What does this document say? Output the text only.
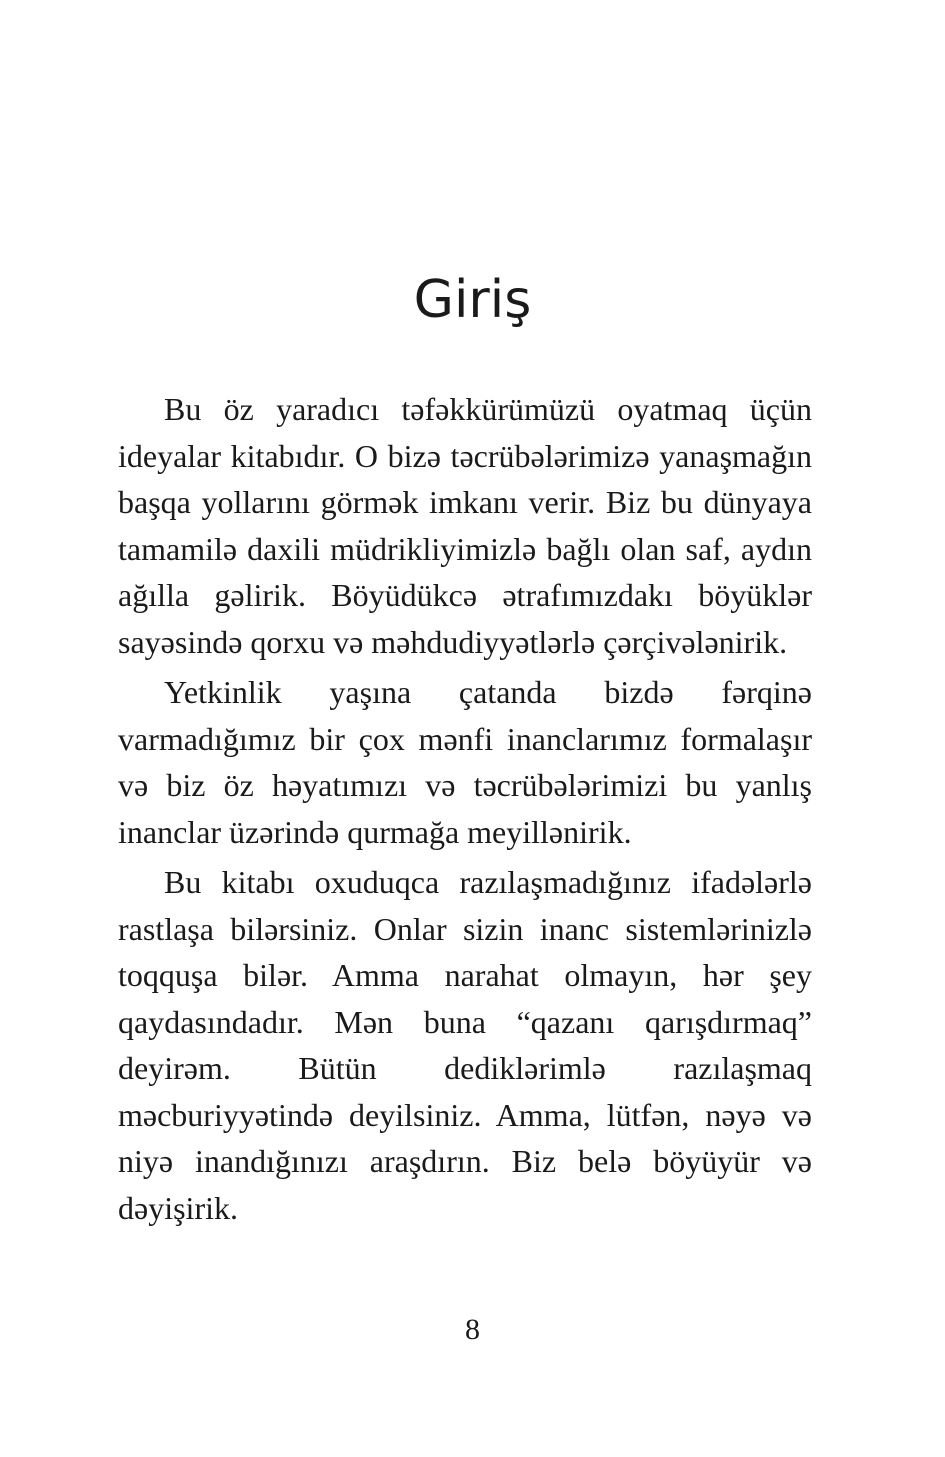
Giriş

Bu öz yaradıcı təfəkkürümüzü oyatmaq üçün ideyalar kitabıdır. O bizə təcrübələrimizə yanaşmağın başqa yollarını görmək imkanı verir. Biz bu dünyaya tamamilə daxili müdrikliyimizlə bağlı olan saf, aydın ağılla gəlirik. Böyüdükcə ətrafımızdakı böyüklər sayəsində qorxu və məhdudiyyətlərlə çərçivələnirik.

Yetkinlik yaşına çatanda bizdə fərqinə varmadığımız bir çox mənfi inanclarımız formalaşır və biz öz həyatımızı və təcrübələrimizi bu yanlış inanclar üzərində qurmağa meyillənirik.

Bu kitabı oxuduqca razılaşmadığınız ifadələrlə rastlaşa bilərsiniz. Onlar sizin inanc sistemlərinizlə toqquşa bilər. Amma narahat olmayın, hər şey qaydasındadır. Mən buna “qazanı qarışdırmaq” deyirəm. Bütün dediklərimlə razılaşmaq məcburiyyətində deyilsiniz. Amma, lütfən, nəyə və niyə inandığınızı araşdırın. Biz belə böyüyür və dəyişirik.

8
